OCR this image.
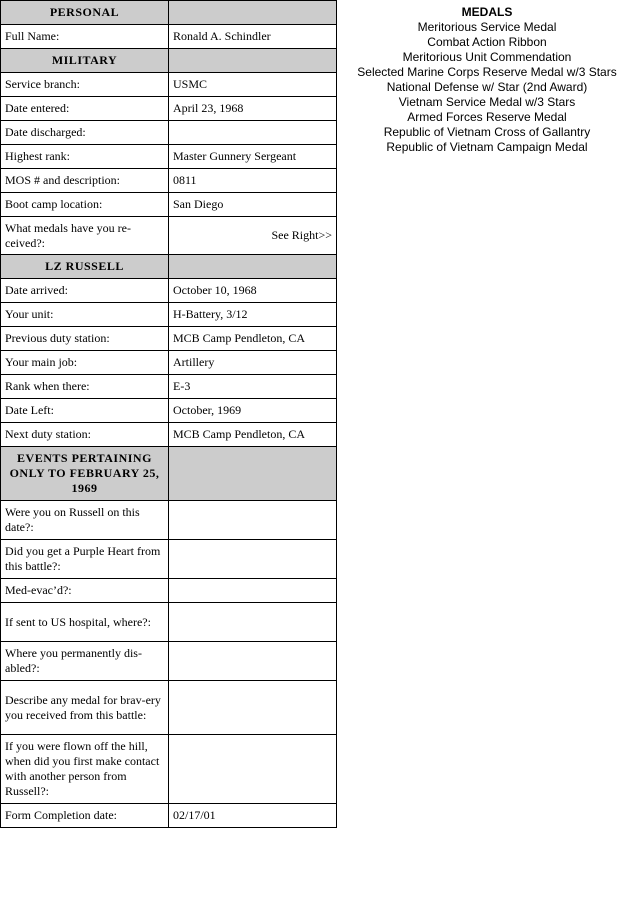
PERSONAL	
Full Name:	Ronald A. Schindler
MILITARY	
Service branch:	USMC
Date entered:	April 23, 1968
Date discharged:	
Highest rank:	Master Gunnery Sergeant
MOS # and description:	0811
Boot camp location:	San Diego
What medals have you re-ceived?:	See Right>>
LZ RUSSELL	
Date arrived:	October 10, 1968
Your unit:	H-Battery, 3/12
Previous duty station:	MCB Camp Pendleton, CA
Your main job:	Artillery
Rank when there:	E-3
Date Left:	October, 1969
Next duty station:	MCB Camp Pendleton, CA
EVENTS PERTAINING ONLY TO FEBRUARY 25, 1969	
Were you on Russell on this date?:	
Did you get a Purple Heart from this battle?:	
Med-evac’d?:	
If sent to US hospital, where?:	
Where you permanently dis-abled?:	
Describe any medal for brav-ery you received from this battle:	
If you were flown off the hill, when did you first make contact with another person from Russell?:	
Form Completion date:	02/17/01
MEDALS
Meritorious Service Medal
Combat Action Ribbon
Meritorious Unit Commendation
Selected Marine Corps Reserve Medal w/3 Stars
National Defense w/ Star (2nd Award)
Vietnam Service Medal w/3 Stars
Armed Forces Reserve Medal
Republic of Vietnam Cross of Gallantry
Republic of Vietnam Campaign Medal
